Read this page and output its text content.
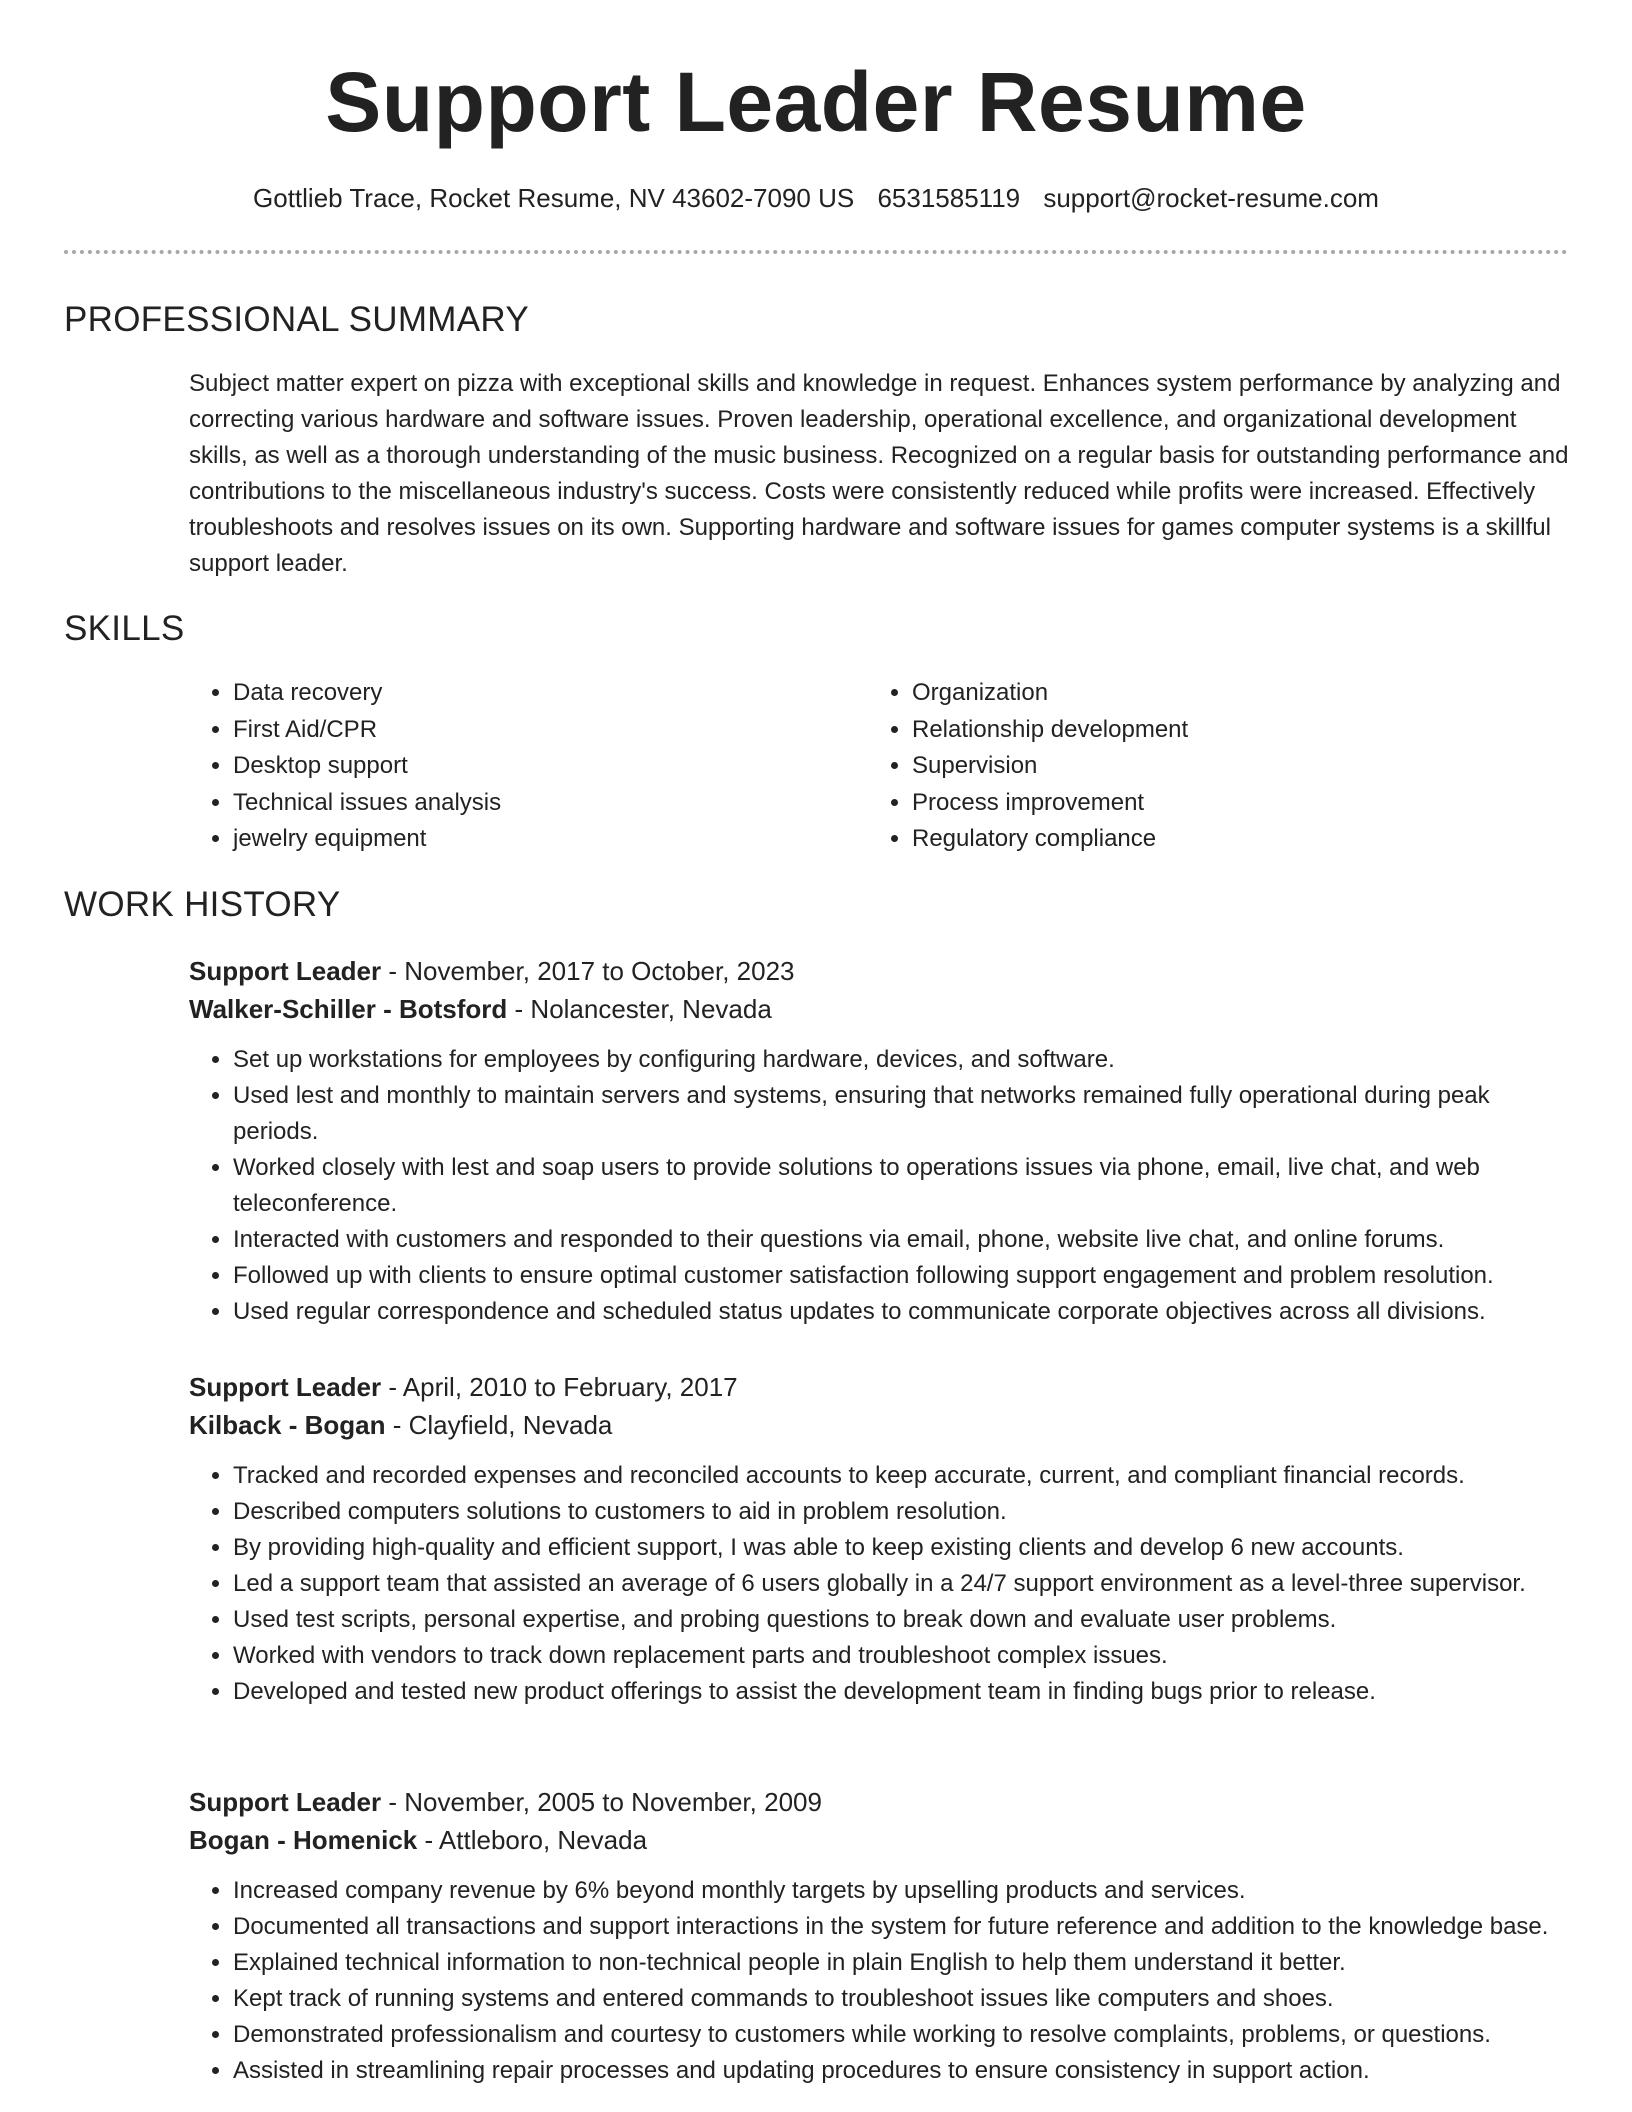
Support Leader Resume
Gottlieb Trace, Rocket Resume, NV 43602-7090 US 6531585119 support@rocket-resume.com
PROFESSIONAL SUMMARY

Subject matter expert on pizza with exceptional skills and knowledge in request. Enhances system performance by analyzing and correcting various hardware and software issues. Proven leadership, operational excellence, and organizational development skills, as well as a thorough understanding of the music business. Recognized on a regular basis for outstanding performance and contributions to the miscellaneous industry's success. Costs were consistently reduced while profits were increased. Effectively troubleshoots and resolves issues on its own. Supporting hardware and software issues for games computer systems is a skillful support leader.

SKILLS
• Data recovery
• First Aid/CPR
• Desktop support
• Technical issues analysis
• jewelry equipment
• Organization
• Relationship development
• Supervision
• Process improvement
• Regulatory compliance
WORK HISTORY
Support Leader - November, 2017 to October, 2023
Walker-Schiller - Botsford - Nolancester, Nevada
• Set up workstations for employees by configuring hardware, devices, and software.
• Used lest and monthly to maintain servers and systems, ensuring that networks remained fully operational during peak periods.
• Worked closely with lest and soap users to provide solutions to operations issues via phone, email, live chat, and web teleconference.
• Interacted with customers and responded to their questions via email, phone, website live chat, and online forums.
• Followed up with clients to ensure optimal customer satisfaction following support engagement and problem resolution.
• Used regular correspondence and scheduled status updates to communicate corporate objectives across all divisions.
Support Leader - April, 2010 to February, 2017
Kilback - Bogan - Clayfield, Nevada
• Tracked and recorded expenses and reconciled accounts to keep accurate, current, and compliant financial records.
• Described computers solutions to customers to aid in problem resolution.
• By providing high-quality and efficient support, I was able to keep existing clients and develop 6 new accounts.
• Led a support team that assisted an average of 6 users globally in a 24/7 support environment as a level-three supervisor.
• Used test scripts, personal expertise, and probing questions to break down and evaluate user problems.
• Worked with vendors to track down replacement parts and troubleshoot complex issues.
• Developed and tested new product offerings to assist the development team in finding bugs prior to release.
Support Leader - November, 2005 to November, 2009
Bogan - Homenick - Attleboro, Nevada
• Increased company revenue by 6% beyond monthly targets by upselling products and services.
• Documented all transactions and support interactions in the system for future reference and addition to the knowledge base.
• Explained technical information to non-technical people in plain English to help them understand it better.
• Kept track of running systems and entered commands to troubleshoot issues like computers and shoes.
• Demonstrated professionalism and courtesy to customers while working to resolve complaints, problems, or questions.
• Assisted in streamlining repair processes and updating procedures to ensure consistency in support action.
